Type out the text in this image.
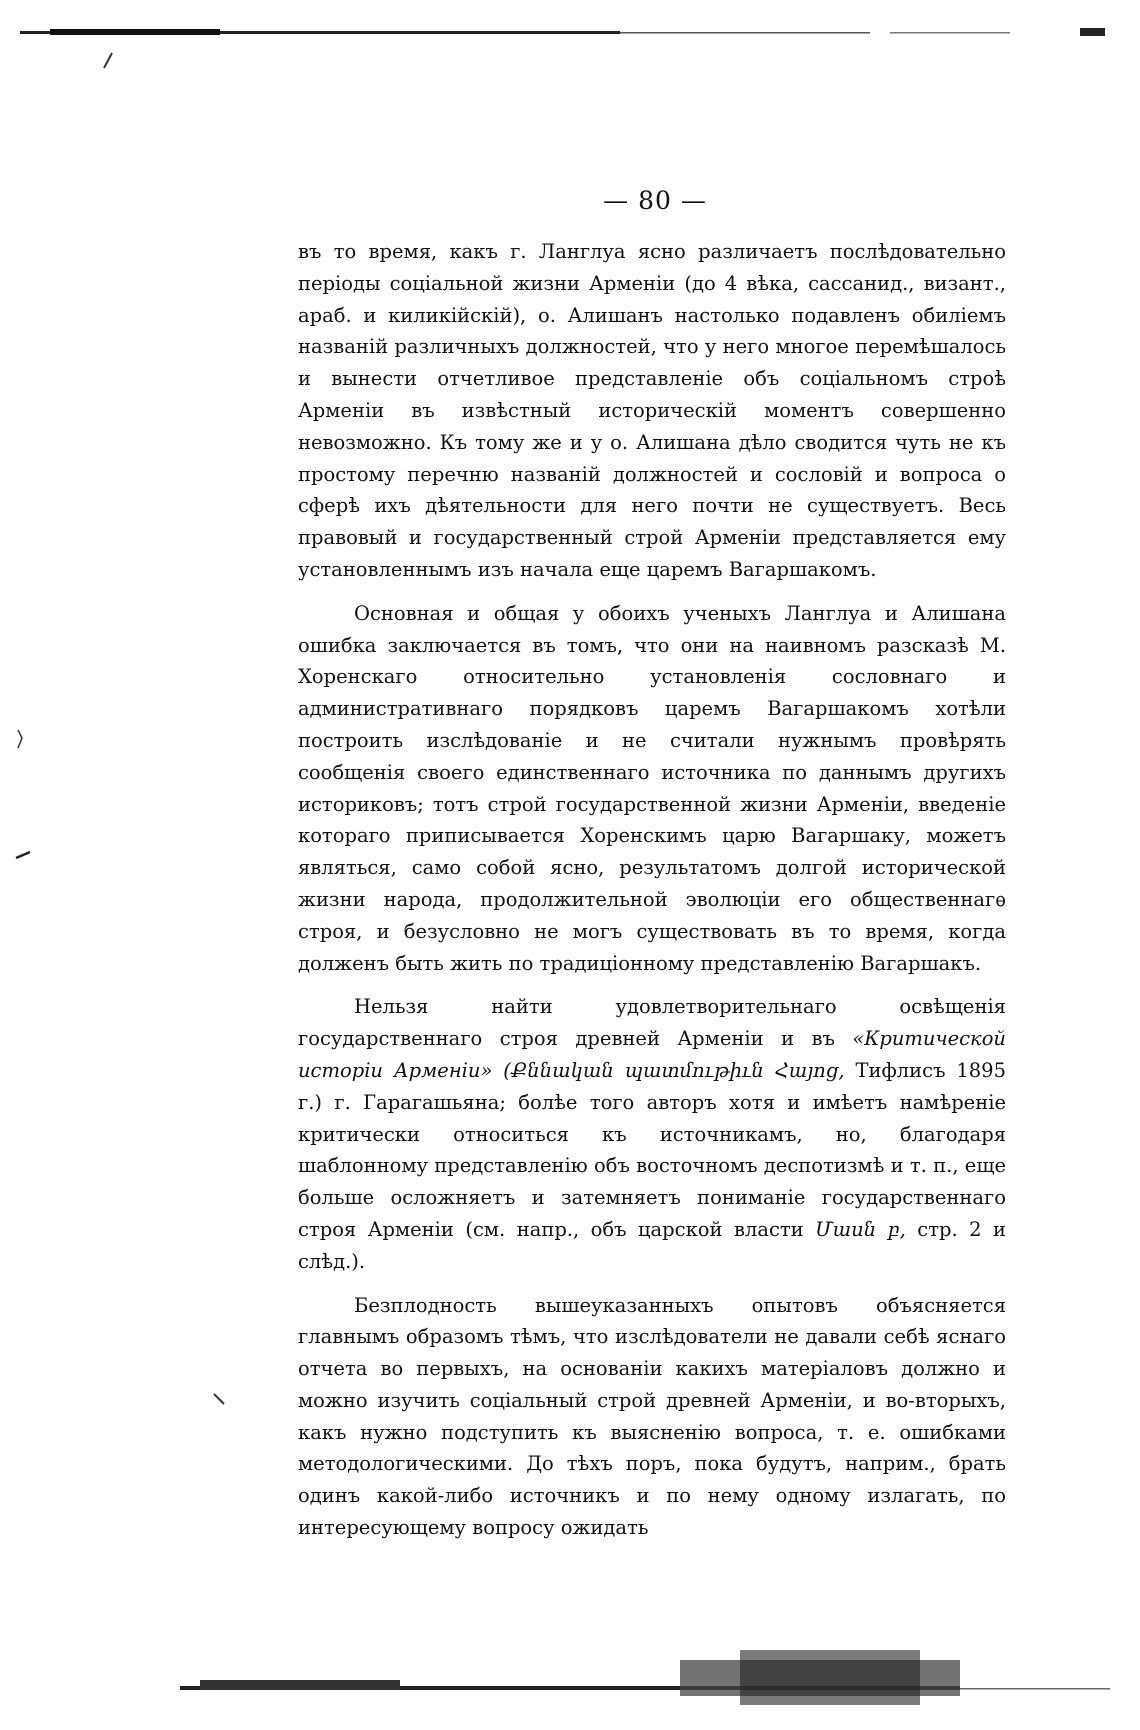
— 80 —

въ то время, какъ г. Ланглуа ясно различаетъ послѣдовательно періоды соціальной жизни Арменіи (до 4 вѣка, сассанид., визант., араб. и киликійскій), о. Алишанъ настолько подавленъ обиліемъ названій различныхъ должностей, что у него многое перемѣшалось и вынести отчетливое представленіе объ соціальномъ строѣ Арменіи въ извѣстный историческій моментъ совершенно невозможно. Къ тому же и у о. Алишана дѣло сводится чуть не къ простому перечню названій должностей и сословій и вопроса о сферѣ ихъ дѣятельности для него почти не существуетъ. Весь правовый и государственный строй Арменіи представляется ему установленнымъ изъ начала еще царемъ Вагаршакомъ.

Основная и общая у обоихъ ученыхъ Ланглуа и Алишана ошибка заключается въ томъ, что они на наивномъ разсказѣ М. Хоренскаго относительно установленія сословнаго и административнаго порядковъ царемъ Вагаршакомъ хотѣли построить изслѣдованіе и не считали нужнымъ провѣрять сообщенія своего единственнаго источника по даннымъ другихъ историковъ; тотъ строй государственной жизни Арменіи, введеніе котораго приписывается Хоренскимъ царю Вагаршаку, можетъ являться, само собой ясно, результатомъ долгой исторической жизни народа, продолжительной эволюціи его общественнагѳ строя, и безусловно не могъ существовать въ то время, когда долженъ быть жить по традиціонному представленію Вагаршакъ.

Нельзя найти удовлетворительнаго освѣщенія государственнаго строя древней Арменіи и въ «Критической исторіи Арменіи» (Քննական պատմութիւն Հայոց, Тифлисъ 1895 г.) г. Гарагашьяна; болѣе того авторъ хотя и имѣетъ намѣреніе критически относиться къ источникамъ, но, благодаря шаблонному представленію объ восточномъ деспотизмѣ и т. п., еще больше осложняетъ и затемняетъ пониманіе государственнаго строя Арменіи (см. напр., объ царской власти Մասն բ, стр. 2 и слѣд.).

Безплодность вышеуказанныхъ опытовъ объясняется главнымъ образомъ тѣмъ, что изслѣдователи не давали себѣ яснаго отчета во первыхъ, на основаніи какихъ матеріаловъ должно и можно изучить соціальный строй древней Арменіи, и во-вторыхъ, какъ нужно подступить къ выясненію вопроса, т. е. ошибками методологическими. До тѣхъ поръ, пока будутъ, наприм., брать одинъ какой-либо источникъ и по нему одному излагать, по интересующему вопросу ожидать
